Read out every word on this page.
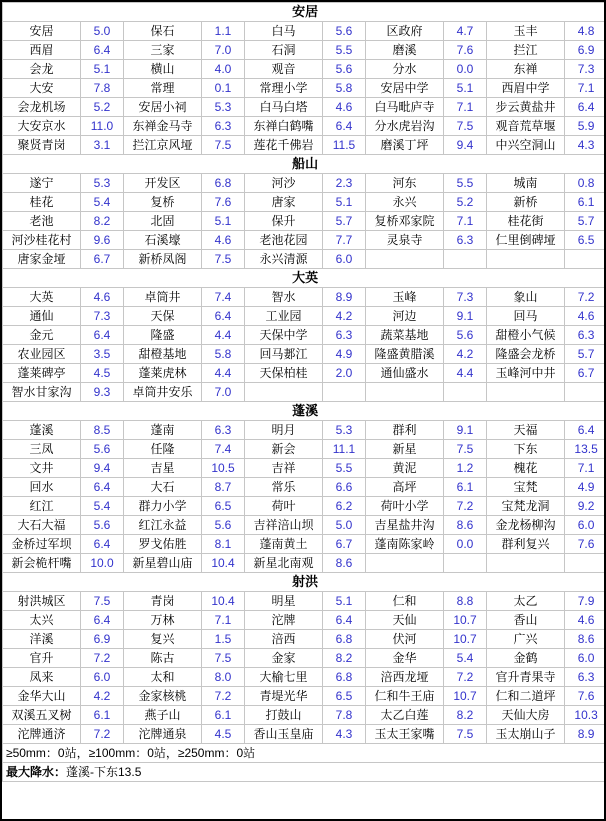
安居									
安居	5.0	保石	1.1	白马	5.6	区政府	4.7	玉丰	4.8
西眉	6.4	三家	7.0	石洞	5.5	磨溪	7.6	拦江	6.9
会龙	5.1	横山	4.0	观音	5.6	分水	0.0	东禅	7.3
大安	7.8	常理	0.1	常理小学	5.8	安居中学	5.1	西眉中学	7.1
会龙机场	5.2	安居小祠	5.3	白马白塔	4.6	白马毗庐寺	7.1	步云黄盐井	6.4
大安京水	11.0	东禅金马寺	6.3	东禅白鹤嘴	6.4	分水虎岩沟	7.5	观音荒草堰	5.9
聚贤青岗	3.1	拦江京风垭	7.5	莲花千佛岩	11.5	磨溪丁坪	9.4	中兴空洞山	4.3
船山									
遂宁	5.3	开发区	6.8	河沙	2.3	河东	5.5	城南	0.8
桂花	5.4	复桥	7.6	唐家	5.1	永兴	5.2	新桥	6.1
老池	8.2	北固	5.1	保升	5.7	复桥邓家院	7.1	桂花街	5.7
河沙桂花村	9.6	石溪壕	4.6	老池花园	7.7	灵泉寺	6.3	仁里倒碑垭	6.5
唐家金垭	6.7	新桥凤阁	7.5	永兴清源	6.0				
大英									
大英	4.6	卓筒井	7.4	智水	8.9	玉峰	7.3	象山	7.2
通仙	7.3	天保	6.4	工业园	4.2	河边	9.1	回马	4.6
金元	6.4	隆盛	4.4	天保中学	6.3	蔬菜基地	5.6	甜橙小气候	6.3
农业园区	3.5	甜橙基地	5.8	回马郪江	4.9	隆盛黄腊溪	4.2	隆盛会龙桥	5.7
蓬莱碑亭	4.5	蓬莱虎林	4.4	天保柏桂	2.0	通仙盛水	4.4	玉峰河中井	6.7
智水甘家沟	9.3	卓筒井安乐	7.0						
蓬溪									
蓬溪	8.5	蓬南	6.3	明月	5.3	群利	9.1	天福	6.4
三凤	5.6	任隆	7.4	新会	11.1	新星	7.5	下东	13.5
文井	9.4	吉星	10.5	吉祥	5.5	黄泥	1.2	槐花	7.1
回水	6.4	大石	8.7	常乐	6.6	高坪	6.1	宝梵	4.9
红江	5.4	群力小学	6.5	荷叶	6.2	荷叶小学	7.2	宝梵龙洞	9.2
大石大福	5.6	红江永益	5.6	吉祥涪山坝	5.0	吉星盐井沟	8.6	金龙杨柳沟	6.0
金桥过军坝	6.4	罗戈佑胜	8.1	蓬南黄土	6.7	蓬南陈家岭	0.0	群利复兴	7.6
新会桅杆嘴	10.0	新星碧山庙	10.4	新星北南观	8.6				
射洪									
射洪城区	7.5	青岗	10.4	明星	5.1	仁和	8.8	太乙	7.9
太兴	6.4	万林	7.1	沱牌	6.4	天仙	10.7	香山	4.6
洋溪	6.9	复兴	1.5	涪西	6.8	伏河	10.7	广兴	8.6
官升	7.2	陈古	7.5	金家	8.2	金华	5.4	金鹤	6.0
凤来	6.0	太和	8.0	大榆七里	6.8	涪西龙垭	7.2	官升青果寺	6.3
金华大山	4.2	金家核桃	7.2	青堤光华	6.5	仁和牛王庙	10.7	仁和二道坪	7.6
双溪五叉树	6.1	燕子山	6.1	打鼓山	7.8	太乙白莲	8.2	天仙大房	10.3
沱牌通济	7.2	沱牌通泉	4.5	香山玉皇庙	4.3	玉太王家嘴	7.5	玉太崩山子	8.9
≥50mm：0站，≥100mm：0站，≥250mm：0站									
最大降水：蓬溪-下东13.5									
